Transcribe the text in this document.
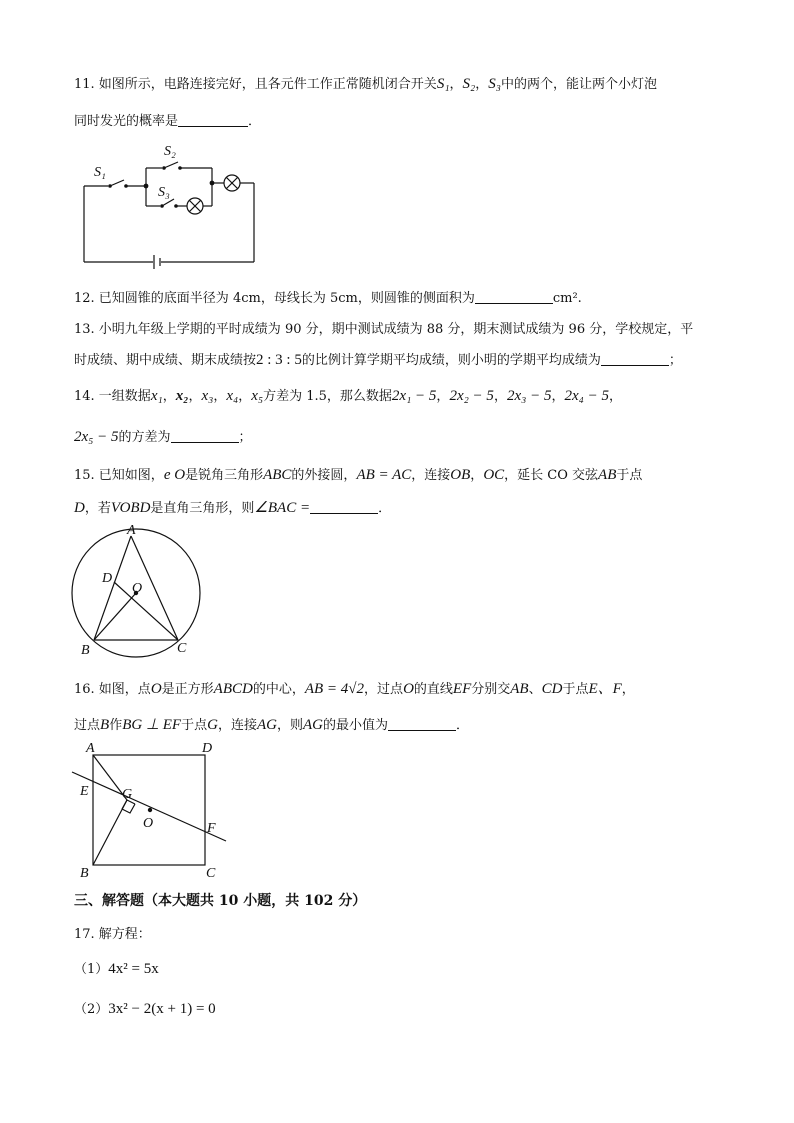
11. 如图所示，电路连接完好，且各元件工作正常随机闭合开关S₁，S₂，S₃中的两个，能让两个小灯泡
同时发光的概率是	．
S₁
S₂
S₃
12. 已知圆锥的底面半径为 4cm，母线长为 5cm，则圆锥的侧面积为	cm².
13. 小明九年级上学期的平时成绩为 90 分，期中测试成绩为 88 分，期末测试成绩为 96 分，学校规定，平
时成绩、期中成绩、期末成绩按2 : 3 : 5的比例计算学期平均成绩，则小明的学期平均成绩为	；
14. 一组数据x₁，x₂，x₃，x₄，x₅方差为 1.5，那么数据2x₁ − 5，2x₂ − 5，2x₃ − 5，2x₄ − 5，
2x₅ − 5的方差为	；
15. 已知如图，e O是锐角三角形ABC的外接圆，AB = AC，连接OB，OC，延长 CO 交弦AB于点
D，若VOBD是直角三角形，则∠BAC =	．
A
B	C
D
O
16. 如图，点O是正方形ABCD的中心，AB = 4√2，过点O的直线EF分别交AB、CD于点E、F，
过点B作BG ⊥ EF于点G，连接AG，则AG的最小值为	．
A	D
B	C
E
F
G
O
三、解答题（本大题共 10 小题，共 102 分）
17. 解方程：
（1）4x² = 5x
（2）3x² − 2(x + 1) = 0
